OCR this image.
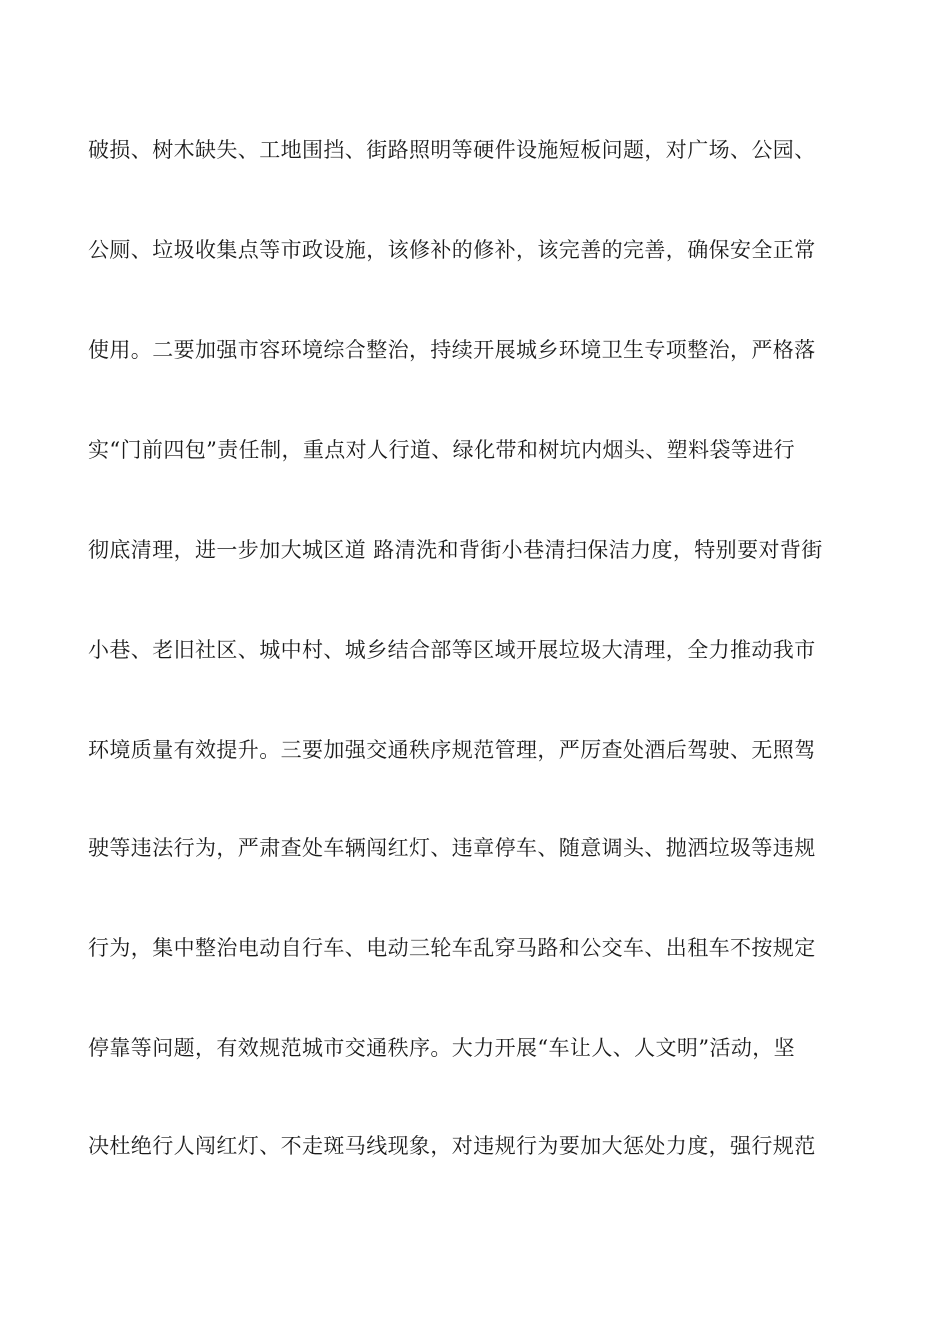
破损、树木缺失、工地围挡、街路照明等硬件设施短板问题，对广场、公园、
公厕、垃圾收集点等市政设施，该修补的修补，该完善的完善，确保安全正常
使用。二要加强市容环境综合整治，持续开展城乡环境卫生专项整治，严格落
实“门前四包”责任制，重点对人行道、绿化带和树坑内烟头、塑料袋等进行
彻底清理，进一步加大城区道 路清洗和背街小巷清扫保洁力度，特别要对背街
小巷、老旧社区、城中村、城乡结合部等区域开展垃圾大清理，全力推动我市
环境质量有效提升。三要加强交通秩序规范管理，严厉查处酒后驾驶、无照驾
驶等违法行为，严肃查处车辆闯红灯、违章停车、随意调头、抛洒垃圾等违规
行为，集中整治电动自行车、电动三轮车乱穿马路和公交车、出租车不按规定
停靠等问题，有效规范城市交通秩序。大力开展“车让人、人文明”活动，坚
决杜绝行人闯红灯、不走斑马线现象，对违规行为要加大惩处力度，强行规范
